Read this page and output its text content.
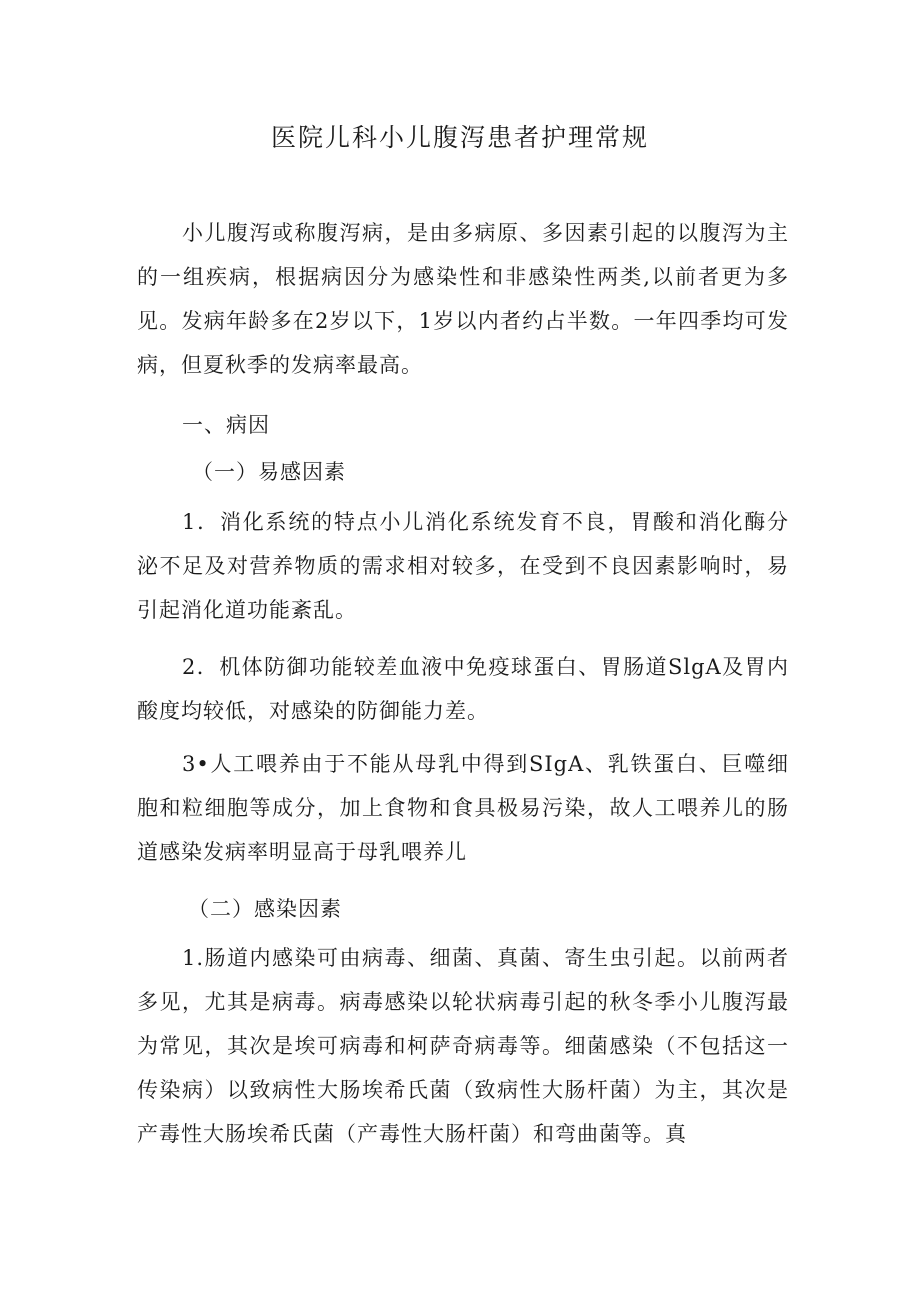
医院儿科小儿腹泻患者护理常规

小儿腹泻或称腹泻病，是由多病原、多因素引起的以腹泻为主的一组疾病，根据病因分为感染性和非感染性两类,以前者更为多见。发病年龄多在2岁以下，1岁以内者约占半数。一年四季均可发病，但夏秋季的发病率最高。

一、病因

（一）易感因素

1．消化系统的特点小儿消化系统发育不良，胃酸和消化酶分泌不足及对营养物质的需求相对较多，在受到不良因素影响时，易引起消化道功能紊乱。

2．机体防御功能较差血液中免疫球蛋白、胃肠道SlgA及胃内酸度均较低，对感染的防御能力差。

3•人工喂养由于不能从母乳中得到SIgA、乳铁蛋白、巨噬细胞和粒细胞等成分，加上食物和食具极易污染，故人工喂养儿的肠道感染发病率明显高于母乳喂养儿

（二）感染因素

1.肠道内感染可由病毒、细菌、真菌、寄生虫引起。以前两者多见，尤其是病毒。病毒感染以轮状病毒引起的秋冬季小儿腹泻最为常见，其次是埃可病毒和柯萨奇病毒等。细菌感染（不包括这一传染病）以致病性大肠埃希氏菌（致病性大肠杆菌）为主，其次是产毒性大肠埃希氏菌（产毒性大肠杆菌）和弯曲菌等。真
